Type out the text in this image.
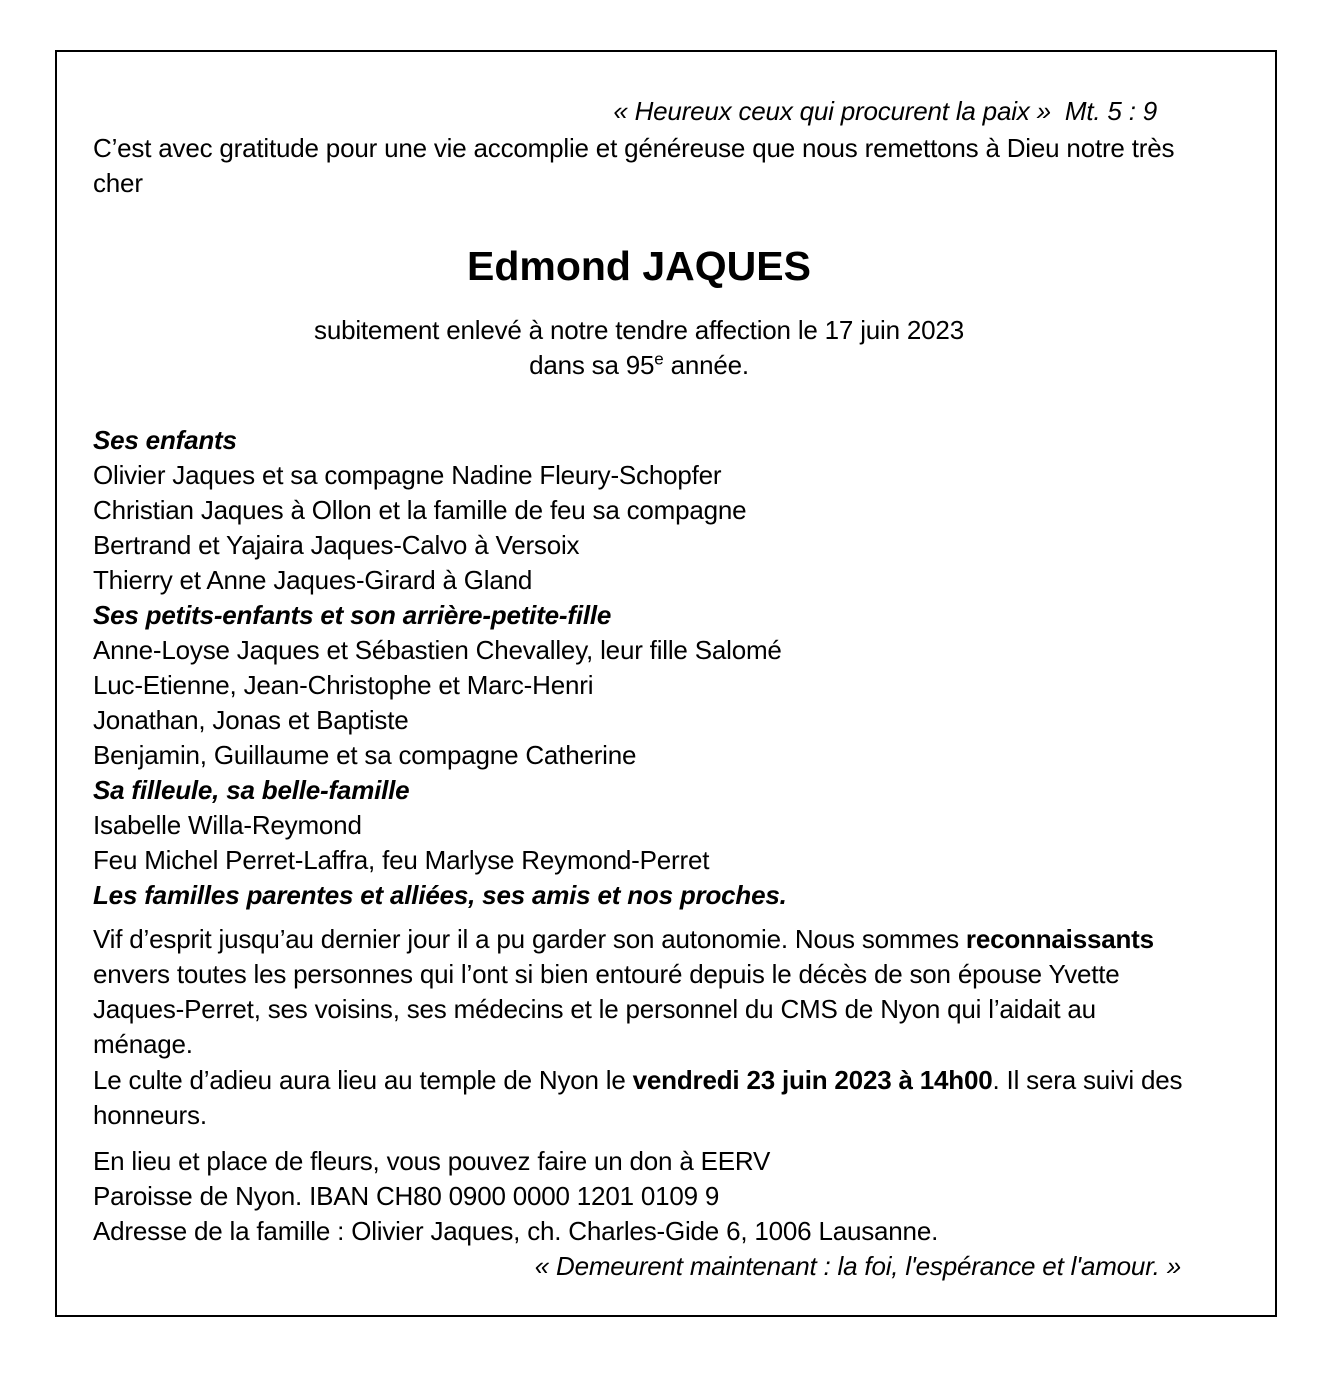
« Heureux ceux qui procurent la paix » Mt. 5 : 9

C’est avec gratitude pour une vie accomplie et généreuse que nous remettons à Dieu notre très cher

Edmond JAQUES

subitement enlevé à notre tendre affection le 17 juin 2023

dans sa 95e année.

Ses enfants

Olivier Jaques et sa compagne Nadine Fleury-Schopfer

Christian Jaques à Ollon et la famille de feu sa compagne

Bertrand et Yajaira Jaques-Calvo à Versoix

Thierry et Anne Jaques-Girard à Gland

Ses petits-enfants et son arrière-petite-fille

Anne-Loyse Jaques et Sébastien Chevalley, leur fille Salomé

Luc-Etienne, Jean-Christophe et Marc-Henri

Jonathan, Jonas et Baptiste

Benjamin, Guillaume et sa compagne Catherine

Sa filleule, sa belle-famille

Isabelle Willa-Reymond

Feu Michel Perret-Laffra, feu Marlyse Reymond-Perret

Les familles parentes et alliées, ses amis et nos proches.

Vif d’esprit jusqu’au dernier jour il a pu garder son autonomie. Nous sommes reconnaissants envers toutes les personnes qui l’ont si bien entouré depuis le décès de son épouse Yvette Jaques-Perret, ses voisins, ses médecins et le personnel du CMS de Nyon qui l’aidait au ménage.

Le culte d’adieu aura lieu au temple de Nyon le vendredi 23 juin 2023 à 14h00. Il sera suivi des honneurs.

En lieu et place de fleurs, vous pouvez faire un don à EERV

Paroisse de Nyon. IBAN CH80 0900 0000 1201 0109 9

Adresse de la famille : Olivier Jaques, ch. Charles-Gide 6, 1006 Lausanne.

« Demeurent maintenant : la foi, l'espérance et l'amour. »
